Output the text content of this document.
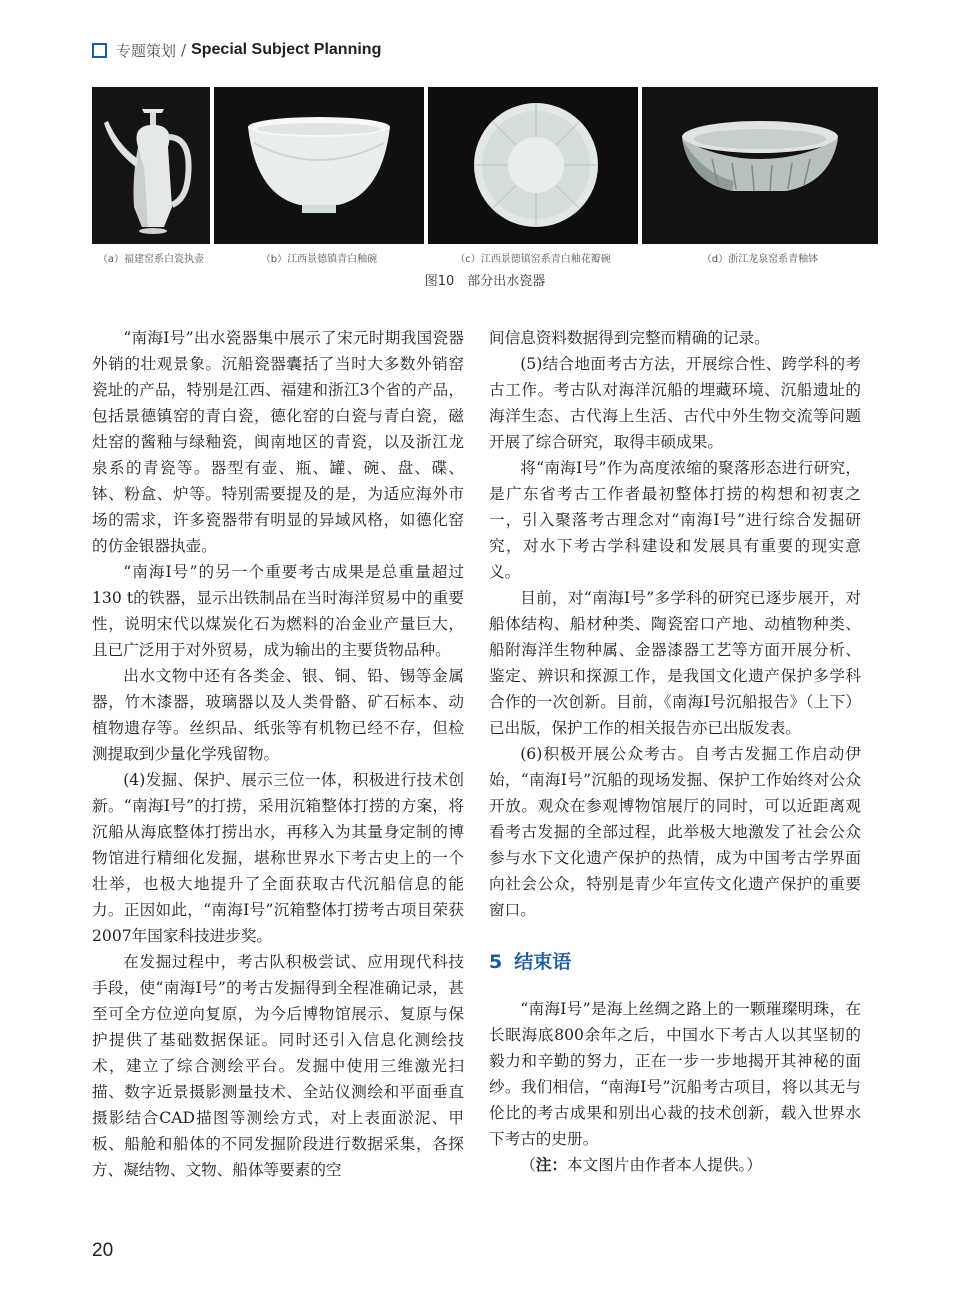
专题策划 / Special Subject Planning
（a）福建窑系白瓷执壶	（b）江西景德镇青白釉碗	（c）江西景德镇窑系青白釉花瓣碗	（d）浙江龙泉窑系青釉钵
图10　部分出水瓷器

“南海Ⅰ号”出水瓷器集中展示了宋元时期我国瓷器外销的壮观景象。沉船瓷器囊括了当时大多数外销窑瓷址的产品，特别是江西、福建和浙江3个省的产品，包括景德镇窑的青白瓷，德化窑的白瓷与青白瓷，磁灶窑的酱釉与绿釉瓷，闽南地区的青瓷，以及浙江龙泉系的青瓷等。器型有壶、瓶、罐、碗、盘、碟、钵、粉盒、炉等。特别需要提及的是，为适应海外市场的需求，许多瓷器带有明显的异域风格，如德化窑的仿金银器执壶。

“南海Ⅰ号”的另一个重要考古成果是总重量超过130 t的铁器，显示出铁制品在当时海洋贸易中的重要性，说明宋代以煤炭化石为燃料的冶金业产量巨大，且已广泛用于对外贸易，成为输出的主要货物品种。

出水文物中还有各类金、银、铜、铅、锡等金属器，竹木漆器，玻璃器以及人类骨骼、矿石标本、动植物遗存等。丝织品、纸张等有机物已经不存，但检测提取到少量化学残留物。

(4)发掘、保护、展示三位一体，积极进行技术创新。“南海Ⅰ号”的打捞，采用沉箱整体打捞的方案，将沉船从海底整体打捞出水，再移入为其量身定制的博物馆进行精细化发掘，堪称世界水下考古史上的一个壮举，也极大地提升了全面获取古代沉船信息的能力。正因如此，“南海Ⅰ号”沉箱整体打捞考古项目荣获2007年国家科技进步奖。

在发掘过程中，考古队积极尝试、应用现代科技手段，使“南海Ⅰ号”的考古发掘得到全程准确记录，甚至可全方位逆向复原，为今后博物馆展示、复原与保护提供了基础数据保证。同时还引入信息化测绘技术，建立了综合测绘平台。发掘中使用三维激光扫描、数字近景摄影测量技术、全站仪测绘和平面垂直摄影结合CAD描图等测绘方式，对上表面淤泥、甲板、船舱和船体的不同发掘阶段进行数据采集，各探方、凝结物、文物、船体等要素的空

间信息资料数据得到完整而精确的记录。

(5)结合地面考古方法，开展综合性、跨学科的考古工作。考古队对海洋沉船的埋藏环境、沉船遗址的海洋生态、古代海上生活、古代中外生物交流等问题开展了综合研究，取得丰硕成果。

将“南海Ⅰ号”作为高度浓缩的聚落形态进行研究，是广东省考古工作者最初整体打捞的构想和初衷之一，引入聚落考古理念对“南海Ⅰ号”进行综合发掘研究，对水下考古学科建设和发展具有重要的现实意义。

目前，对“南海Ⅰ号”多学科的研究已逐步展开，对船体结构、船材种类、陶瓷窑口产地、动植物种类、船附海洋生物种属、金器漆器工艺等方面开展分析、鉴定、辨识和探源工作，是我国文化遗产保护多学科合作的一次创新。目前，《南海Ⅰ号沉船报告》（上下）已出版，保护工作的相关报告亦已出版发表。

(6)积极开展公众考古。自考古发掘工作启动伊始，“南海Ⅰ号”沉船的现场发掘、保护工作始终对公众开放。观众在参观博物馆展厅的同时，可以近距离观看考古发掘的全部过程，此举极大地激发了社会公众参与水下文化遗产保护的热情，成为中国考古学界面向社会公众，特别是青少年宣传文化遗产保护的重要窗口。

5 结束语

“南海Ⅰ号”是海上丝绸之路上的一颗璀璨明珠，在长眠海底800余年之后，中国水下考古人以其坚韧的毅力和辛勤的努力，正在一步一步地揭开其神秘的面纱。我们相信，“南海Ⅰ号”沉船考古项目，将以其无与伦比的考古成果和别出心裁的技术创新，载入世界水下考古的史册。

（注：本文图片由作者本人提供。）

20
